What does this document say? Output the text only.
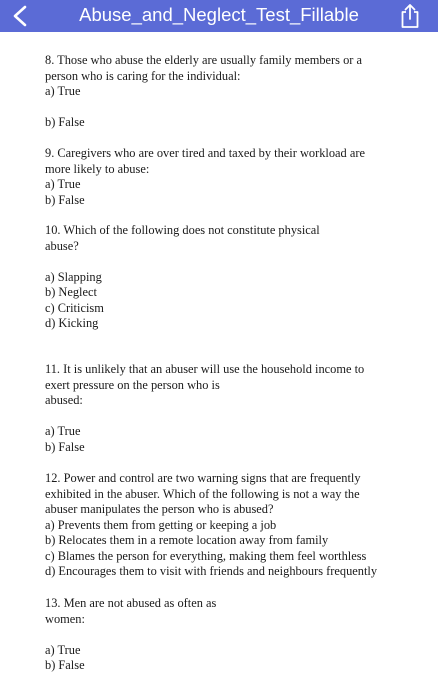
Abuse_and_Neglect_Test_Fillable

8. Those who abuse the elderly are usually family members or a

person who is caring for the individual:

a) True

b) False

9. Caregivers who are over tired and taxed by their workload are

more likely to abuse:

a) True

b) False

10. Which of the following does not constitute physical

abuse?

a) Slapping

b) Neglect

c) Criticism

d) Kicking

11. It is unlikely that an abuser will use the household income to

exert pressure on the person who is

abused:

a) True

b) False

12. Power and control are two warning signs that are frequently

exhibited in the abuser. Which of the following is not a way the

abuser manipulates the person who is abused?

a) Prevents them from getting or keeping a job

b) Relocates them in a remote location away from family

c) Blames the person for everything, making them feel worthless

d) Encourages them to visit with friends and neighbours frequently

13. Men are not abused as often as

women:

a) True

b) False
